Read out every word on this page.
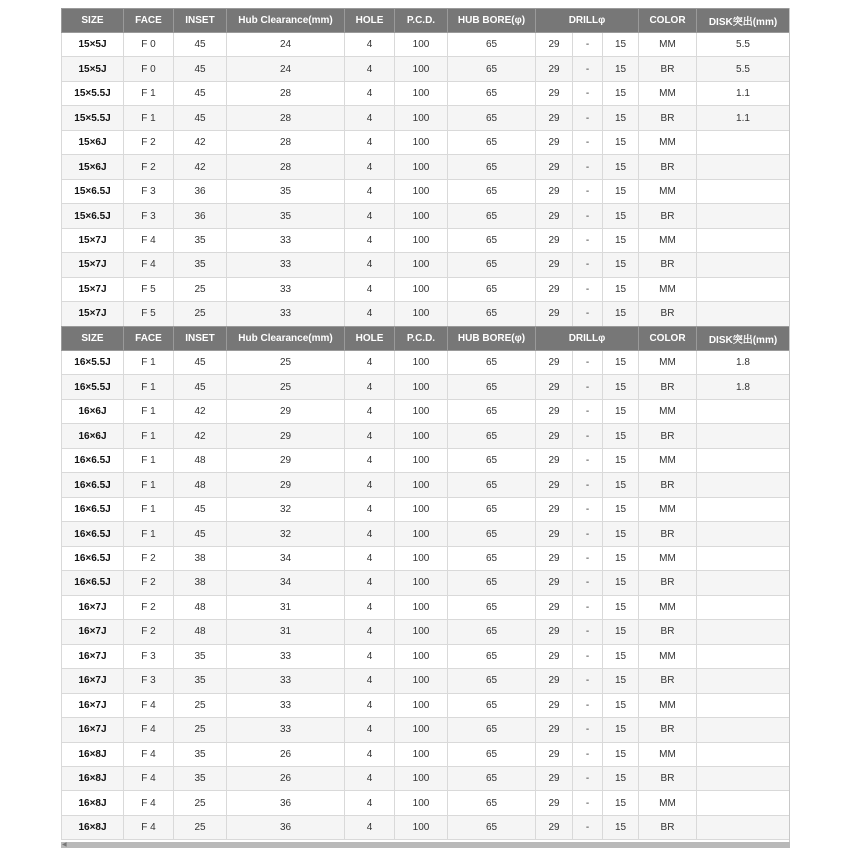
SIZE	FACE	INSET	Hub Clearance(mm)	HOLE	P.C.D.	HUB BORE(φ)	DRILLφ			COLOR	DISK突出(mm)
15×5J	F 0	45	24	4	100	65	29	-	15	MM	5.5
15×5J	F 0	45	24	4	100	65	29	-	15	BR	5.5
15×5.5J	F 1	45	28	4	100	65	29	-	15	MM	1.1
15×5.5J	F 1	45	28	4	100	65	29	-	15	BR	1.1
15×6J	F 2	42	28	4	100	65	29	-	15	MM	
15×6J	F 2	42	28	4	100	65	29	-	15	BR	
15×6.5J	F 3	36	35	4	100	65	29	-	15	MM	
15×6.5J	F 3	36	35	4	100	65	29	-	15	BR	
15×7J	F 4	35	33	4	100	65	29	-	15	MM	
15×7J	F 4	35	33	4	100	65	29	-	15	BR	
15×7J	F 5	25	33	4	100	65	29	-	15	MM	
15×7J	F 5	25	33	4	100	65	29	-	15	BR	
SIZE	FACE	INSET	Hub Clearance(mm)	HOLE	P.C.D.	HUB BORE(φ)	DRILLφ			COLOR	DISK突出(mm)
16×5.5J	F 1	45	25	4	100	65	29	-	15	MM	1.8
16×5.5J	F 1	45	25	4	100	65	29	-	15	BR	1.8
16×6J	F 1	42	29	4	100	65	29	-	15	MM	
16×6J	F 1	42	29	4	100	65	29	-	15	BR	
16×6.5J	F 1	48	29	4	100	65	29	-	15	MM	
16×6.5J	F 1	48	29	4	100	65	29	-	15	BR	
16×6.5J	F 1	45	32	4	100	65	29	-	15	MM	
16×6.5J	F 1	45	32	4	100	65	29	-	15	BR	
16×6.5J	F 2	38	34	4	100	65	29	-	15	MM	
16×6.5J	F 2	38	34	4	100	65	29	-	15	BR	
16×7J	F 2	48	31	4	100	65	29	-	15	MM	
16×7J	F 2	48	31	4	100	65	29	-	15	BR	
16×7J	F 3	35	33	4	100	65	29	-	15	MM	
16×7J	F 3	35	33	4	100	65	29	-	15	BR	
16×7J	F 4	25	33	4	100	65	29	-	15	MM	
16×7J	F 4	25	33	4	100	65	29	-	15	BR	
16×8J	F 4	35	26	4	100	65	29	-	15	MM	
16×8J	F 4	35	26	4	100	65	29	-	15	BR	
16×8J	F 4	25	36	4	100	65	29	-	15	MM	
16×8J	F 4	25	36	4	100	65	29	-	15	BR	
◀
